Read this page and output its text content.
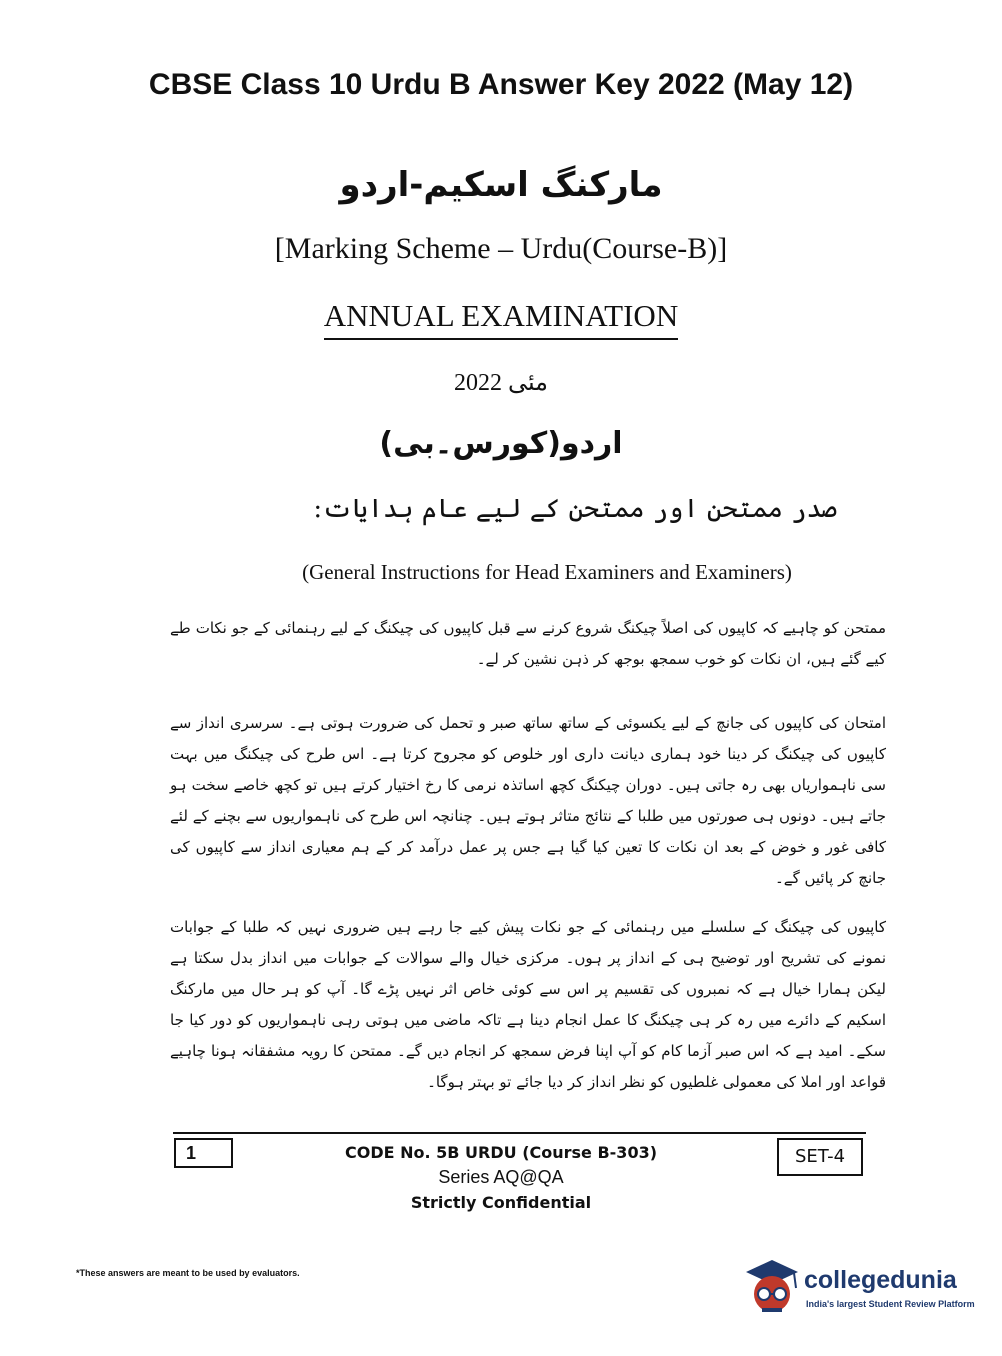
CBSE Class 10 Urdu B Answer Key 2022 (May 12)
مارکنگ اسکیم-اردو
[Marking Scheme – Urdu(Course-B)]
ANNUAL EXAMINATION
مئی 2022
اردو(کورس۔بی)
صدر ممتحن اور ممتحن کے لیے عام ہدایات:
(General Instructions for Head Examiners and Examiners)
ممتحن کو چاہیے کہ کاپیوں کی اصلاً چیکنگ شروع کرنے سے قبل کاپیوں کی چیکنگ کے لیے رہنمائی کے جو نکات طے کیے گئے ہیں، ان نکات کو خوب سمجھ بوجھ کر ذہن نشین کر لے۔
امتحان کی کاپیوں کی جانچ کے لیے یکسوئی کے ساتھ ساتھ صبر و تحمل کی ضرورت ہوتی ہے۔ سرسری انداز سے کاپیوں کی چیکنگ کر دینا خود ہماری دیانت داری اور خلوص کو مجروح کرتا ہے۔ اس طرح کی چیکنگ میں بہت سی ناہمواریاں بھی رہ جاتی ہیں۔ دوران چیکنگ کچھ اساتذہ نرمی کا رخ اختیار کرتے ہیں تو کچھ خاصے سخت ہو جاتے ہیں۔ دونوں ہی صورتوں میں طلبا کے نتائج متاثر ہوتے ہیں۔ چنانچہ اس طرح کی ناہمواریوں سے بچنے کے لئے کافی غور و خوض کے بعد ان نکات کا تعین کیا گیا ہے جس پر عمل درآمد کر کے ہم معیاری انداز سے کاپیوں کی جانچ کر پائیں گے۔
کاپیوں کی چیکنگ کے سلسلے میں رہنمائی کے جو نکات پیش کیے جا رہے ہیں ضروری نہیں کہ طلبا کے جوابات نمونے کی تشریح اور توضیح ہی کے انداز پر ہوں۔ مرکزی خیال والے سوالات کے جوابات میں انداز بدل سکتا ہے لیکن ہمارا خیال ہے کہ نمبروں کی تقسیم پر اس سے کوئی خاص اثر نہیں پڑے گا۔ آپ کو ہر حال میں مارکنگ اسکیم کے دائرے میں رہ کر ہی چیکنگ کا عمل انجام دینا ہے تاکہ ماضی میں ہوتی رہی ناہمواریوں کو دور کیا جا سکے۔ امید ہے کہ اس صبر آزما کام کو آپ اپنا فرض سمجھ کر انجام دیں گے۔ ممتحن کا رویہ مشفقانہ ہونا چاہیے قواعد اور املا کی معمولی غلطیوں کو نظر انداز کر دیا جائے تو بہتر ہوگا۔
1	CODE No. 5B URDU (Course B-303)
Series AQ@QA
Strictly Confidential
SET-4
*These answers are meant to be used by evaluators.	collegedunia
India's largest Student Review Platform
